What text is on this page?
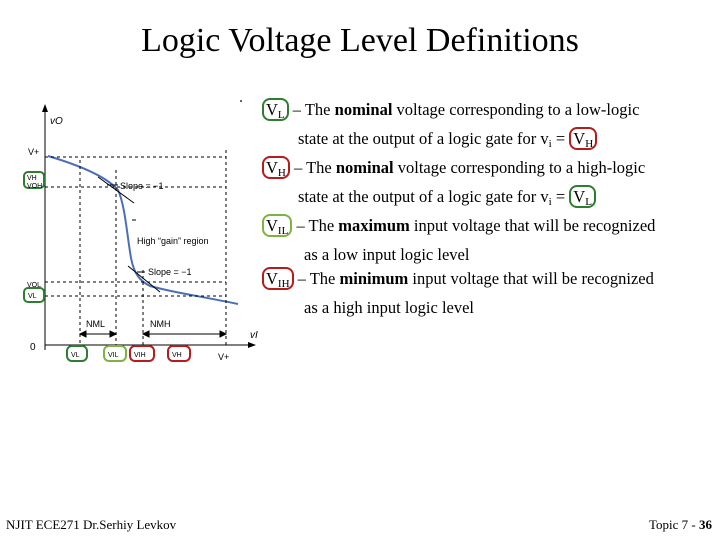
Logic Voltage Level Definitions
vO
vI
0
V+
V+
Slope = −1
Slope = −1
High “gain” region
NML	NMH
VH
VOH
VOL
VL
VL	VIL VIH	VH

$V_L$ – The nominal voltage corresponding to a low-logic

state at the output of a logic gate for $v_i = V_H$

$V_H$ – The nominal voltage corresponding to a high-logic

state at the output of a logic gate for $v_i = V_L$

$V_{IL}$ – The maximum input voltage that will be recognized

as a low input logic level

$V_{IH}$ – The minimum input voltage that will be recognized

as a high input logic level

NJIT ECE271 Dr.Serhiy Levkov	Topic 7 - 36
